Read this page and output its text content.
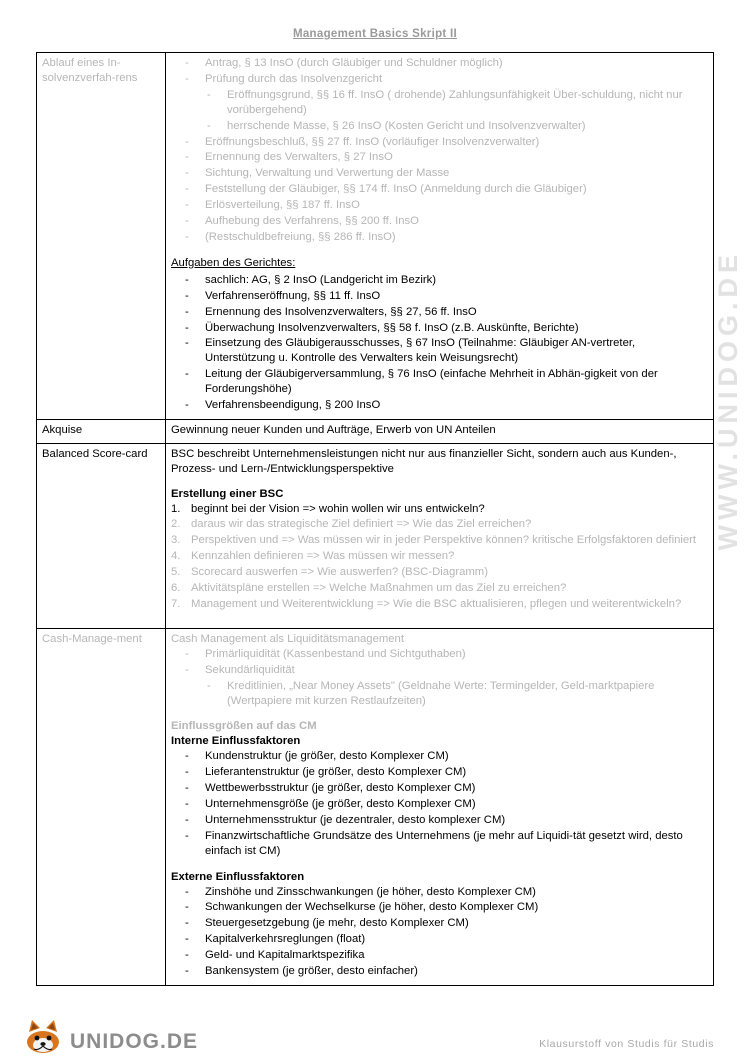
Management Basics Skript II
Ablauf eines In-solvenzverfah-rens	
- Antrag, § 13 InsO (durch Gläubiger und Schuldner möglich)
- Prüfung durch das Insolvenzgericht
- Eröffnungsgrund, §§ 16 ff. InsO ( drohende) Zahlungsunfähigkeit Über-schuldung, nicht nur vorübergehend)
- herrschende Masse, § 26 InsO (Kosten Gericht und Insolvenzverwalter)
- Eröffnungsbeschluß, §§ 27 ff. InsO (vorläufiger Insolvenzverwalter)
- Ernennung des Verwalters, § 27 InsO
- Sichtung, Verwaltung und Verwertung der Masse
- Feststellung der Gläubiger, §§ 174 ff. InsO (Anmeldung durch die Gläubiger)
- Erlösverteilung, §§ 187 ff. InsO
- Aufhebung des Verfahrens, §§ 200 ff. InsO
- (Restschuldbefreiung, §§ 286 ff. InsO)
Aufgaben des Gerichtes:
- sachlich: AG, § 2 InsO (Landgericht im Bezirk)
- Verfahrenseröffnung, §§ 11 ff. InsO
- Ernennung des Insolvenzverwalters, §§ 27, 56 ff. InsO
- Überwachung Insolvenzverwalters, §§ 58 f. InsO (z.B. Auskünfte, Berichte)
- Einsetzung des Gläubigerausschusses, § 67 InsO (Teilnahme: Gläubiger AN-vertreter, Unterstützung u. Kontrolle des Verwalters kein Weisungsrecht)
- Leitung der Gläubigerversammlung, § 76 InsO (einfache Mehrheit in Abhän-gigkeit von der Forderungshöhe)
- Verfahrensbeendigung, § 200 InsO

Akquise	Gewinnung neuer Kunden und Aufträge, Erwerb von UN Anteilen
Balanced Score-card	BSC beschreibt Unternehmensleistungen nicht nur aus finanzieller Sicht, sondern auch aus Kunden-, Prozess- und Lern-/Entwicklungsperspektive

Erstellung einer BSC
beginnt bei der Vision => wohin wollen wir uns entwickeln?
daraus wir das strategische Ziel definiert => Wie das Ziel erreichen?
Perspektiven und => Was müssen wir in jeder Perspektive können? kritische Erfolgsfaktoren definiert
Kennzahlen definieren => Was müssen wir messen?
Scorecard auswerfen => Wie auswerfen? (BSC-Diagramm)
Aktivitätspläne erstellen => Welche Maßnahmen um das Ziel zu erreichen?
Management und Weiterentwicklung => Wie die BSC aktualisieren, pflegen und weiterentwickeln?

Cash-Manage-ment	Cash Management als Liquiditätsmanagement

- Primärliquidität (Kassenbestand und Sichtguthaben)
- Sekundärliquidität
- Kreditlinien, „Near Money Assets" (Geldnahe Werte: Termingelder, Geld-marktpapiere (Wertpapiere mit kurzen Restlaufzeiten)
Einflussgrößen auf das CM
Interne Einflussfaktoren
- Kundenstruktur (je größer, desto Komplexer CM)
- Lieferantenstruktur (je größer, desto Komplexer CM)
- Wettbewerbsstruktur (je größer, desto Komplexer CM)
- Unternehmensgröße (je größer, desto Komplexer CM)
- Unternehmensstruktur (je dezentraler, desto komplexer CM)
- Finanzwirtschaftliche Grundsätze des Unternehmens (je mehr auf Liquidi-tät gesetzt wird, desto einfach ist CM)
Externe Einflussfaktoren
- Zinshöhe und Zinsschwankungen (je höher, desto Komplexer CM)
- Schwankungen der Wechselkurse (je höher, desto Komplexer CM)
- Steuergesetzgebung (je mehr, desto Komplexer CM)
- Kapitalverkehrsreglungen (float)
- Geld- und Kapitalmarktspezifika
- Bankensystem (je größer, desto einfacher)
WWW.UNIDOG.DE
UNIDOG.DE	Klausurstoff von Studis für Studis
